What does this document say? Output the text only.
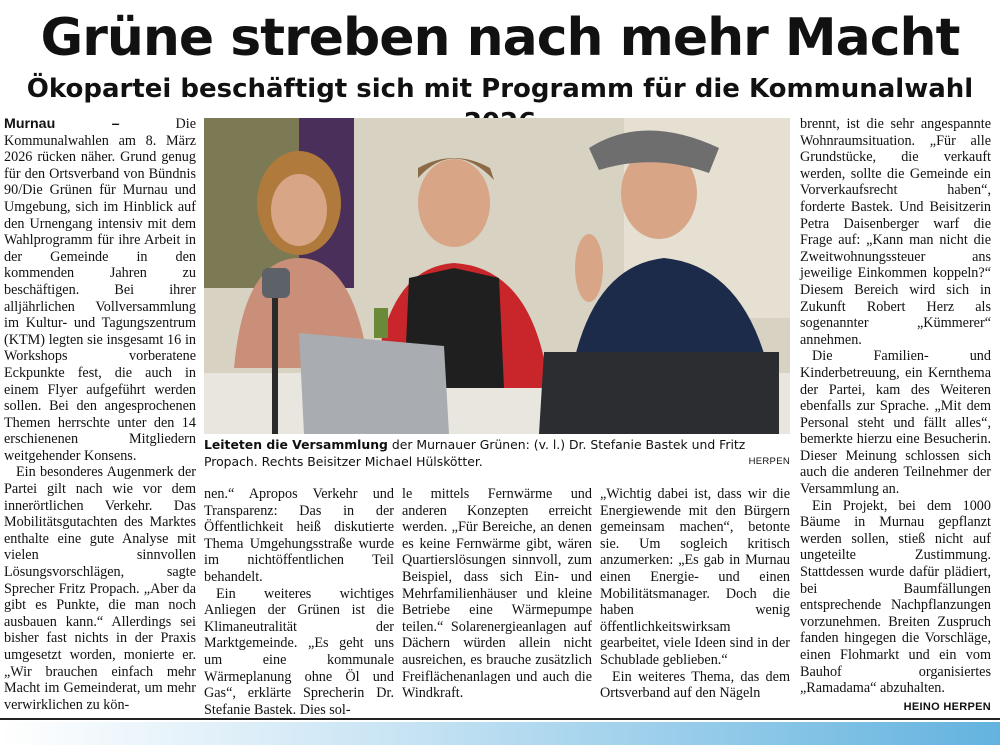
Grüne streben nach mehr Macht
Ökopartei beschäftigt sich mit Programm für die Kommunalwahl

Murnau –	Die Kommunalwahlen am 8. März 2026 rücken näher. Grund genug für den Ortsverband von Bündnis 90/Die Grünen für Murnau und Umgebung, sich im Hinblick auf den Urnengang intensiv mit dem Wahlprogramm für ihre Arbeit in der Gemeinde in den kommenden Jahren zu beschäftigen. Bei ihrer alljährlichen Vollversammlung im Kultur- und Tagungszentrum (KTM) legten sie insgesamt 16 in Workshops vorberatene Eckpunkte fest, die auch in einem Flyer aufgeführt werden sollen. Bei den angesprochenen Themen herrschte unter den 14 erschienenen Mitgliedern weitgehender Konsens.

Ein besonderes Augenmerk der Partei gilt nach wie vor dem innerörtlichen Verkehr. Das Mobilitätsgutachten des Marktes enthalte eine gute Analyse mit vielen sinnvollen Lösungsvorschlägen, sagte Sprecher Fritz Propach. „Aber da gibt es Punkte, die man noch ausbauen kann.“ Allerdings sei bisher fast nichts in der Praxis umgesetzt worden, monierte er. „Wir brauchen einfach mehr Macht im Gemeinderat, um mehr verwirklichen zu kön-

Leiteten die Versammlung der Murnauer Grünen: (v. l.) Dr. Stefanie Bastek und Fritz Propach. Rechts Beisitzer Michael Hülskötter.	HERPEN

nen.“ Apropos Verkehr und Transparenz: Das in der Öffentlichkeit heiß diskutierte Thema Umgehungsstraße wurde im nichtöffentlichen Teil behandelt.

Ein weiteres wichtiges Anliegen der Grünen ist die Klimaneutralität der Marktgemeinde. „Es geht uns um eine kommunale Wärmeplanung ohne Öl und Gas“, erklärte Sprecherin Dr. Stefanie Bastek. Dies sol-

le mittels Fernwärme und anderen Konzepten erreicht werden. „Für Bereiche, an denen es keine Fernwärme gibt, wären Quartierslösungen sinnvoll, zum Beispiel, dass sich Ein- und Mehrfamilienhäuser und kleine Betriebe eine Wärmepumpe teilen.“ Solarenergieanlagen auf Dächern würden allein nicht ausreichen, es brauche zusätzlich Freiflächenanlagen und auch die Windkraft.

„Wichtig dabei ist, dass wir die Energiewende mit den Bürgern gemeinsam machen“, betonte sie. Um sogleich kritisch anzumerken: „Es gab in Murnau einen Energie- und einen Mobilitätsmanager. Doch die haben wenig öffentlichkeitswirksam gearbeitet, viele Ideen sind in der Schublade geblieben.“

Ein weiteres Thema, das dem Ortsverband auf den Nägeln

brennt, ist die sehr angespannte Wohnraumsituation. „Für alle Grundstücke, die verkauft werden, sollte die Gemeinde ein Vorverkaufsrecht haben“, forderte Bastek. Und Beisitzerin Petra Daisenberger warf die Frage auf: „Kann man nicht die Zweitwohnungssteuer ans jeweilige Einkommen koppeln?“ Diesem Bereich wird sich in Zukunft Robert Herz als sogenannter „Kümmerer“ annehmen.

Die Familien- und Kinderbetreuung, ein Kernthema der Partei, kam des Weiteren ebenfalls zur Sprache. „Mit dem Personal steht und fällt alles“, bemerkte hierzu eine Besucherin. Dieser Meinung schlossen sich auch die anderen Teilnehmer der Versammlung an.

Ein Projekt, bei dem 1000 Bäume in Murnau gepflanzt werden sollen, stieß nicht auf ungeteilte Zustimmung. Stattdessen wurde dafür plädiert, bei Baumfällungen entsprechende Nachpflanzungen vorzunehmen. Breiten Zuspruch fanden hingegen die Vorschläge, einen Flohmarkt und ein vom Bauhof organisiertes „Ramadama“ abzuhalten.

HEINO HERPEN
